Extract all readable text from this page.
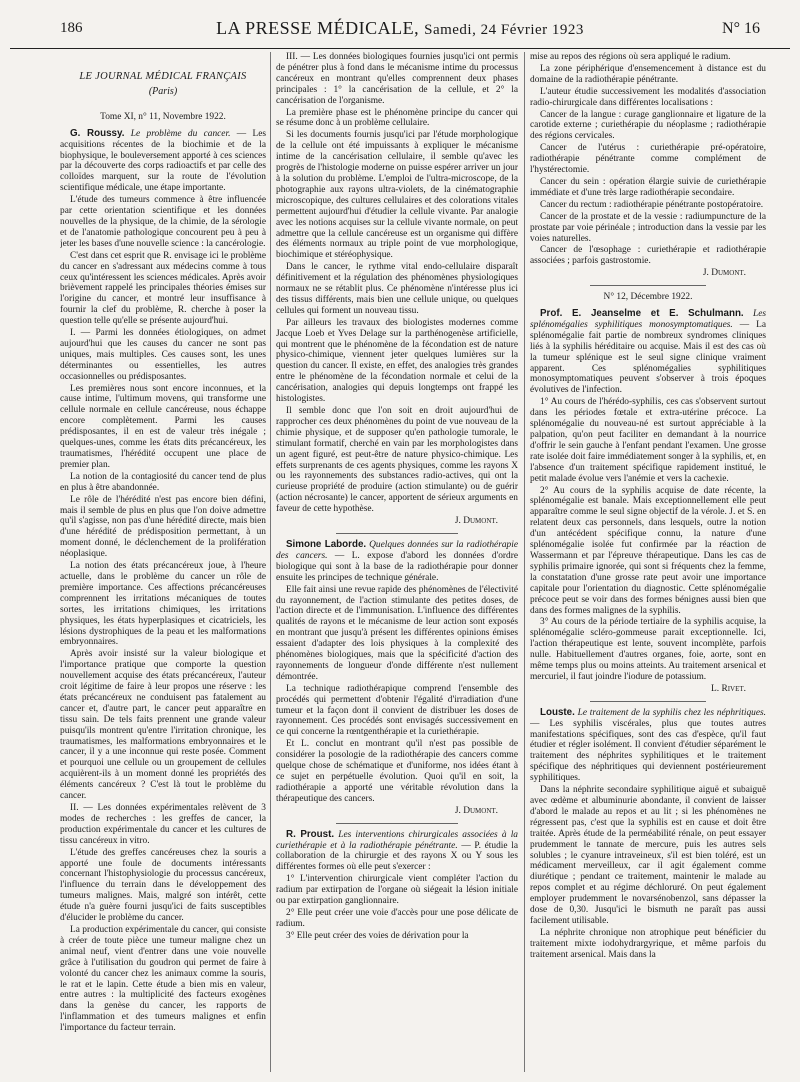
186	LA PRESSE MÉDICALE, Samedi, 24 Février 1923	N° 16

LE JOURNAL MÉDICAL FRANÇAIS

(Paris)

Tome XI, n° 11, Novembre 1922.

G. Roussy. Le problème du cancer. — Les acquisitions récentes de la biochimie et de la biophysique, le bouleversement apporté à ces sciences par la découverte des corps radioactifs et par celle des colloïdes marquent, sur la route de l'évolution scientifique médicale, une étape importante.

L'étude des tumeurs commence à être influencée par cette orientation scientifique et les données nouvelles de la physique, de la chimie, de la sérologie et de l'anatomie pathologique concourent peu à peu à jeter les bases d'une nouvelle science : la cancérologie.

C'est dans cet esprit que R. envisage ici le problème du cancer en s'adressant aux médecins comme à tous ceux qu'intéressent les sciences médicales. Après avoir brièvement rappelé les principales théories émises sur l'origine du cancer, et montré leur insuffisance à fournir la clef du problème, R. cherche à poser la question telle qu'elle se présente aujourd'hui.

I. — Parmi les données étiologiques, on admet aujourd'hui que les causes du cancer ne sont pas uniques, mais multiples. Ces causes sont, les unes déterminantes ou essentielles, les autres occasionnelles ou prédisposantes.

Les premières nous sont encore inconnues, et la cause intime, l'ultimum movens, qui transforme une cellule normale en cellule cancéreuse, nous échappe encore complètement. Parmi les causes prédisposantes, il en est de valeur très inégale ; quelques-unes, comme les états dits précancéreux, les traumatismes, l'hérédité occupent une place de premier plan.

La notion de la contagiosité du cancer tend de plus en plus à être abandonnée.

Le rôle de l'hérédité n'est pas encore bien défini, mais il semble de plus en plus que l'on doive admettre qu'il s'agisse, non pas d'une hérédité directe, mais bien d'une hérédité de prédisposition permettant, à un moment donné, le déclenchement de la prolifération néoplasique.

La notion des états précancéreux joue, à l'heure actuelle, dans le problème du cancer un rôle de première importance. Ces affections précancéreuses comprennent les irritations mécaniques de toutes sortes, les irritations chimiques, les irritations physiques, les états hyperplasiques et cicatriciels, les lésions dystrophiques de la peau et les malformations embryonnaires.

Après avoir insisté sur la valeur biologique et l'importance pratique que comporte la question nouvellement acquise des états précancéreux, l'auteur croit légitime de faire à leur propos une réserve : les états précancéreux ne conduisent pas fatalement au cancer et, d'autre part, le cancer peut apparaître en tissu sain. De tels faits prennent une grande valeur puisqu'ils montrent qu'entre l'irritation chronique, les traumatismes, les malformations embryonnaires et le cancer, il y a une inconnue qui reste posée. Comment et pourquoi une cellule ou un groupement de cellules acquièrent-ils à un moment donné les propriétés des éléments cancéreux ? C'est là tout le problème du cancer.

II. — Les données expérimentales relèvent de 3 modes de recherches : les greffes de cancer, la production expérimentale du cancer et les cultures de tissu cancéreux in vitro.

L'étude des greffes cancéreuses chez la souris a apporté une foule de documents intéressants concernant l'histophysiologie du processus cancéreux, l'influence du terrain dans le développement des tumeurs malignes. Mais, malgré son intérêt, cette étude n'a guère fourni jusqu'ici de faits susceptibles d'élucider le problème du cancer.

La production expérimentale du cancer, qui consiste à créer de toute pièce une tumeur maligne chez un animal neuf, vient d'entrer dans une voie nouvelle grâce à l'utilisation du goudron qui permet de faire à volonté du cancer chez les animaux comme la souris, le rat et le lapin. Cette étude a bien mis en valeur, entre autres : la multiplicité des facteurs exogènes dans la genèse du cancer, les rapports de l'inflammation et des tumeurs malignes et enfin l'importance du facteur terrain.

III. — Les données biologiques fournies jusqu'ici ont permis de pénétrer plus à fond dans le mécanisme intime du processus cancéreux en montrant qu'elles comprennent deux phases principales : 1° la cancérisation de la cellule, et 2° la cancérisation de l'organisme.

La première phase est le phénomène principe du cancer qui se résume donc à un problème cellulaire.

Si les documents fournis jusqu'ici par l'étude morphologique de la cellule ont été impuissants à expliquer le mécanisme intime de la cancérisation cellulaire, il semble qu'avec les progrès de l'histologie moderne on puisse espérer arriver un jour à la solution du problème. L'emploi de l'ultra-microscope, de la photographie aux rayons ultra-violets, de la cinématographie microscopique, des cultures cellulaires et des colorations vitales permettent aujourd'hui d'étudier la cellule vivante. Par analogie avec les notions acquises sur la cellule vivante normale, on peut admettre que la cellule cancéreuse est un organisme qui diffère des éléments normaux au triple point de vue morphologique, biochimique et stéréophysique.

Dans le cancer, le rythme vital endo-cellulaire disparaît définitivement et la régulation des phénomènes physiologiques normaux ne se rétablit plus. Ce phénomène n'intéresse plus ici des tissus différents, mais bien une cellule unique, ou quelques cellules qui forment un nouveau tissu.

Par ailleurs les travaux des biologistes modernes comme Jacque Loeb et Yves Delage sur la parthénogenèse artificielle, qui montrent que le phénomène de la fécondation est de nature physico-chimique, viennent jeter quelques lumières sur la question du cancer. Il existe, en effet, des analogies très grandes entre le phénomène de la fécondation normale et celui de la cancérisation, analogies qui depuis longtemps ont frappé les histologistes.

Il semble donc que l'on soit en droit aujourd'hui de rapprocher ces deux phénomènes du point de vue nouveau de la chimie physique, et de supposer qu'en pathologie tumorale, le stimulant formatif, cherché en vain par les morphologistes dans un agent figuré, est peut-être de nature physico-chimique. Les effets surprenants de ces agents physiques, comme les rayons X ou les rayonnements des substances radio-actives, qui ont la curieuse propriété de produire (action stimulante) ou de guérir (action nécrosante) le cancer, apportent de sérieux arguments en faveur de cette hypothèse.

J. Dumont.

Simone Laborde. Quelques données sur la radiothérapie des cancers. — L. expose d'abord les données d'ordre biologique qui sont à la base de la radiothérapie pour donner ensuite les principes de technique générale.

Elle fait ainsi une revue rapide des phénomènes de l'électivité du rayonnement, de l'action stimulante des petites doses, de l'action directe et de l'immunisation. L'influence des différentes qualités de rayons et le mécanisme de leur action sont exposés en montrant que jusqu'à présent les différentes opinions émises essaient d'adapter des lois physiques à la complexité des phénomènes biologiques, mais que la spécificité d'action des rayonnements de longueur d'onde différente n'est nullement démontrée.

La technique radiothérapique comprend l'ensemble des procédés qui permettent d'obtenir l'égalité d'irradiation d'une tumeur et la façon dont il convient de distribuer les doses de rayonnement. Ces procédés sont envisagés successivement en ce qui concerne la rœntgenthérapie et la curiethérapie.

Et L. conclut en montrant qu'il n'est pas possible de considérer la posologie de la radiothérapie des cancers comme quelque chose de schématique et d'uniforme, nos idées étant à ce sujet en perpétuelle évolution. Quoi qu'il en soit, la radiothérapie a apporté une véritable révolution dans la thérapeutique des cancers.

J. Dumont.

R. Proust. Les interventions chirurgicales associées à la curiethérapie et à la radiothérapie pénétrante. — P. étudie la collaboration de la chirurgie et des rayons X ou Y sous les différentes formes où elle peut s'exercer :

1° L'intervention chirurgicale vient compléter l'action du radium par extirpation de l'organe où siégeait la lésion initiale ou par extirpation ganglionnaire.

2° Elle peut créer une voie d'accès pour une pose délicate de radium.

3° Elle peut créer des voies de dérivation pour la

mise au repos des régions où sera appliqué le radium.

La zone périphérique d'ensemencement à distance est du domaine de la radiothérapie pénétrante.

L'auteur étudie successivement les modalités d'association radio-chirurgicale dans différentes localisations :

Cancer de la langue : curage ganglionnaire et ligature de la carotide externe ; curiethérapie du néoplasme ; radiothérapie des régions cervicales.

Cancer de l'utérus : curiethérapie pré-opératoire, radiothérapie pénétrante comme complément de l'hystérectomie.

Cancer du sein : opération élargie suivie de curiethérapie immédiate et d'une très large radiothérapie secondaire.

Cancer du rectum : radiothérapie pénétrante postopératoire.

Cancer de la prostate et de la vessie : radiumpuncture de la prostate par voie périnéale ; introduction dans la vessie par les voies naturelles.

Cancer de l'œsophage : curiethérapie et radiothérapie associées ; parfois gastrostomie.

J. Dumont.

N° 12, Décembre 1922.

Prof. E. Jeanselme et E. Schulmann. Les splénomégalies syphilitiques monosymptomatiques. — La splénomégalie fait partie de nombreux syndromes cliniques liés à la syphilis héréditaire ou acquise. Mais il est des cas où la tumeur splénique est le seul signe clinique vraiment apparent. Ces splénomégalies syphilitiques monosymptomatiques peuvent s'observer à trois époques évolutives de l'infection.

1° Au cours de l'hérédo-syphilis, ces cas s'observent surtout dans les périodes fœtale et extra-utérine précoce. La splénomégalie du nouveau-né est surtout appréciable à la palpation, qu'on peut faciliter en demandant à la nourrice d'offrir le sein gauche à l'enfant pendant l'examen. Une grosse rate isolée doit faire immédiatement songer à la syphilis, et, en l'absence d'un traitement spécifique rapidement institué, le petit malade évolue vers l'anémie et vers la cachexie.

2° Au cours de la syphilis acquise de date récente, la splénomégalie est banale. Mais exceptionnellement elle peut apparaître comme le seul signe objectif de la vérole. J. et S. en relatent deux cas personnels, dans lesquels, outre la notion d'un antécédent spécifique connu, la nature d'une splénomégalie isolée fut confirmée par la réaction de Wassermann et par l'épreuve thérapeutique. Dans les cas de syphilis primaire ignorée, qui sont si fréquents chez la femme, la constatation d'une grosse rate peut avoir une importance capitale pour l'orientation du diagnostic. Cette splénomégalie précoce peut se voir dans des formes bénignes aussi bien que dans des formes malignes de la syphilis.

3° Au cours de la période tertiaire de la syphilis acquise, la splénomégalie scléro-gommeuse parait exceptionnelle. Ici, l'action thérapeutique est lente, souvent incomplète, parfois nulle. Habituellement d'autres organes, foie, aorte, sont en même temps plus ou moins atteints. Au traitement arsenical et mercuriel, il faut joindre l'iodure de potassium.

L. Rivet.

Louste. Le traitement de la syphilis chez les néphritiques. — Les syphilis viscérales, plus que toutes autres manifestations spécifiques, sont des cas d'espèce, qu'il faut étudier et régler isolément. Il convient d'étudier séparément le traitement des néphrites syphilitiques et le traitement spécifique des néphritiques qui deviennent postérieurement syphilitiques.

Dans la néphrite secondaire syphilitique aiguë et subaiguë avec œdème et albuminurie abondante, il convient de laisser d'abord le malade au repos et au lit ; si les phénomènes ne régressent pas, c'est que la syphilis est en cause et doit être traitée. Après étude de la perméabilité rénale, on peut essayer prudemment le tannate de mercure, puis les autres sels solubles ; le cyanure intraveineux, s'il est bien toléré, est un médicament merveilleux, car il agit également comme diurétique ; pendant ce traitement, maintenir le malade au repos complet et au régime déchloruré. On peut également employer prudemment le novarsénobenzol, sans dépasser la dose de 0,30. Jusqu'ici le bismuth ne paraît pas aussi facilement utilisable.

La néphrite chronique non atrophique peut bénéficier du traitement mixte iodohydrargyrique, et même parfois du traitement arsenical. Mais dans la
